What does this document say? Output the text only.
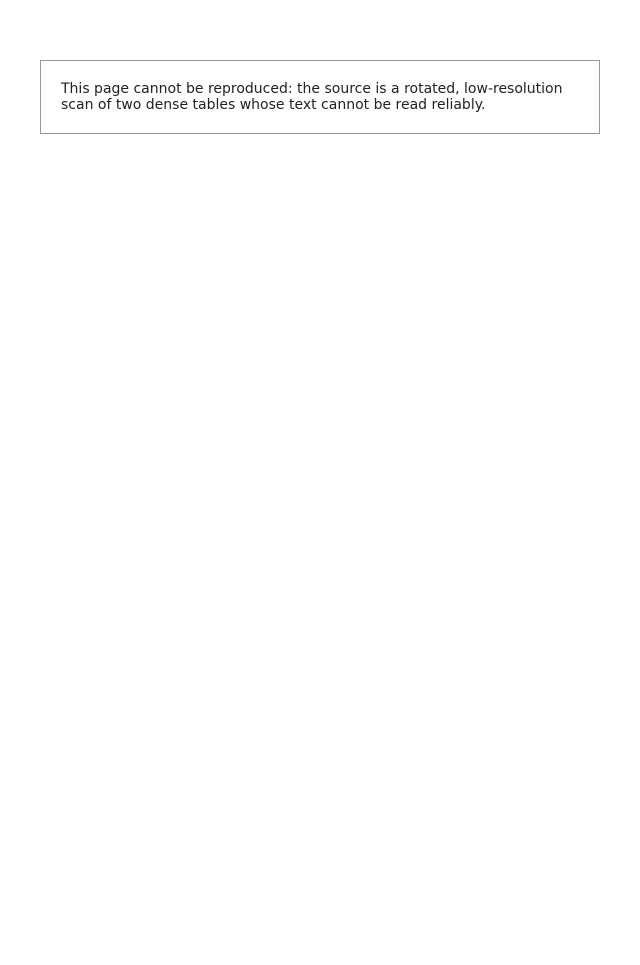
This page cannot be reproduced: the source is a rotated, low-resolution scan of two dense tables whose text cannot be read reliably.
